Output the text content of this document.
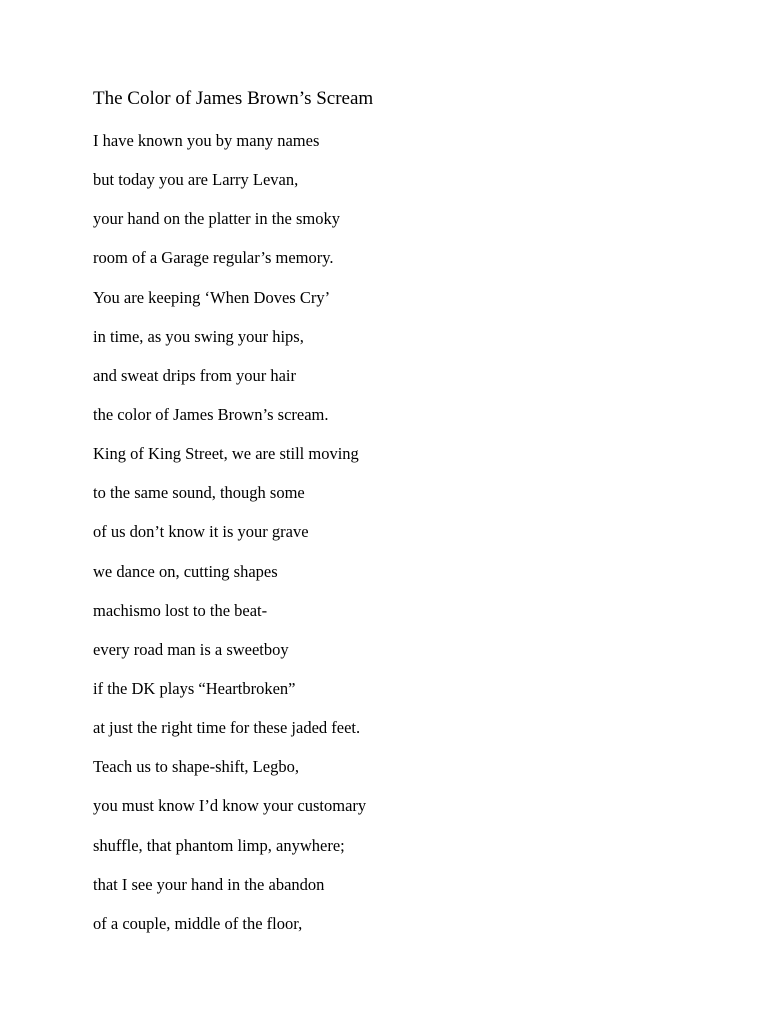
The Color of James Brown’s Scream
I have known you by many names
but today you are Larry Levan,
your hand on the platter in the smoky
room of a Garage regular’s memory.
You are keeping ‘When Doves Cry’
in time, as you swing your hips,
and sweat drips from your hair
the color of James Brown’s scream.
King of King Street, we are still moving
to the same sound, though some
of us don’t know it is your grave
we dance on, cutting shapes
machismo lost to the beat-
every road man is a sweetboy
if the DK plays “Heartbroken”
at just the right time for these jaded feet.
Teach us to shape-shift, Legbo,
you must know I’d know your customary
shuffle, that phantom limp, anywhere;
that I see your hand in the abandon
of a couple, middle of the floor,
